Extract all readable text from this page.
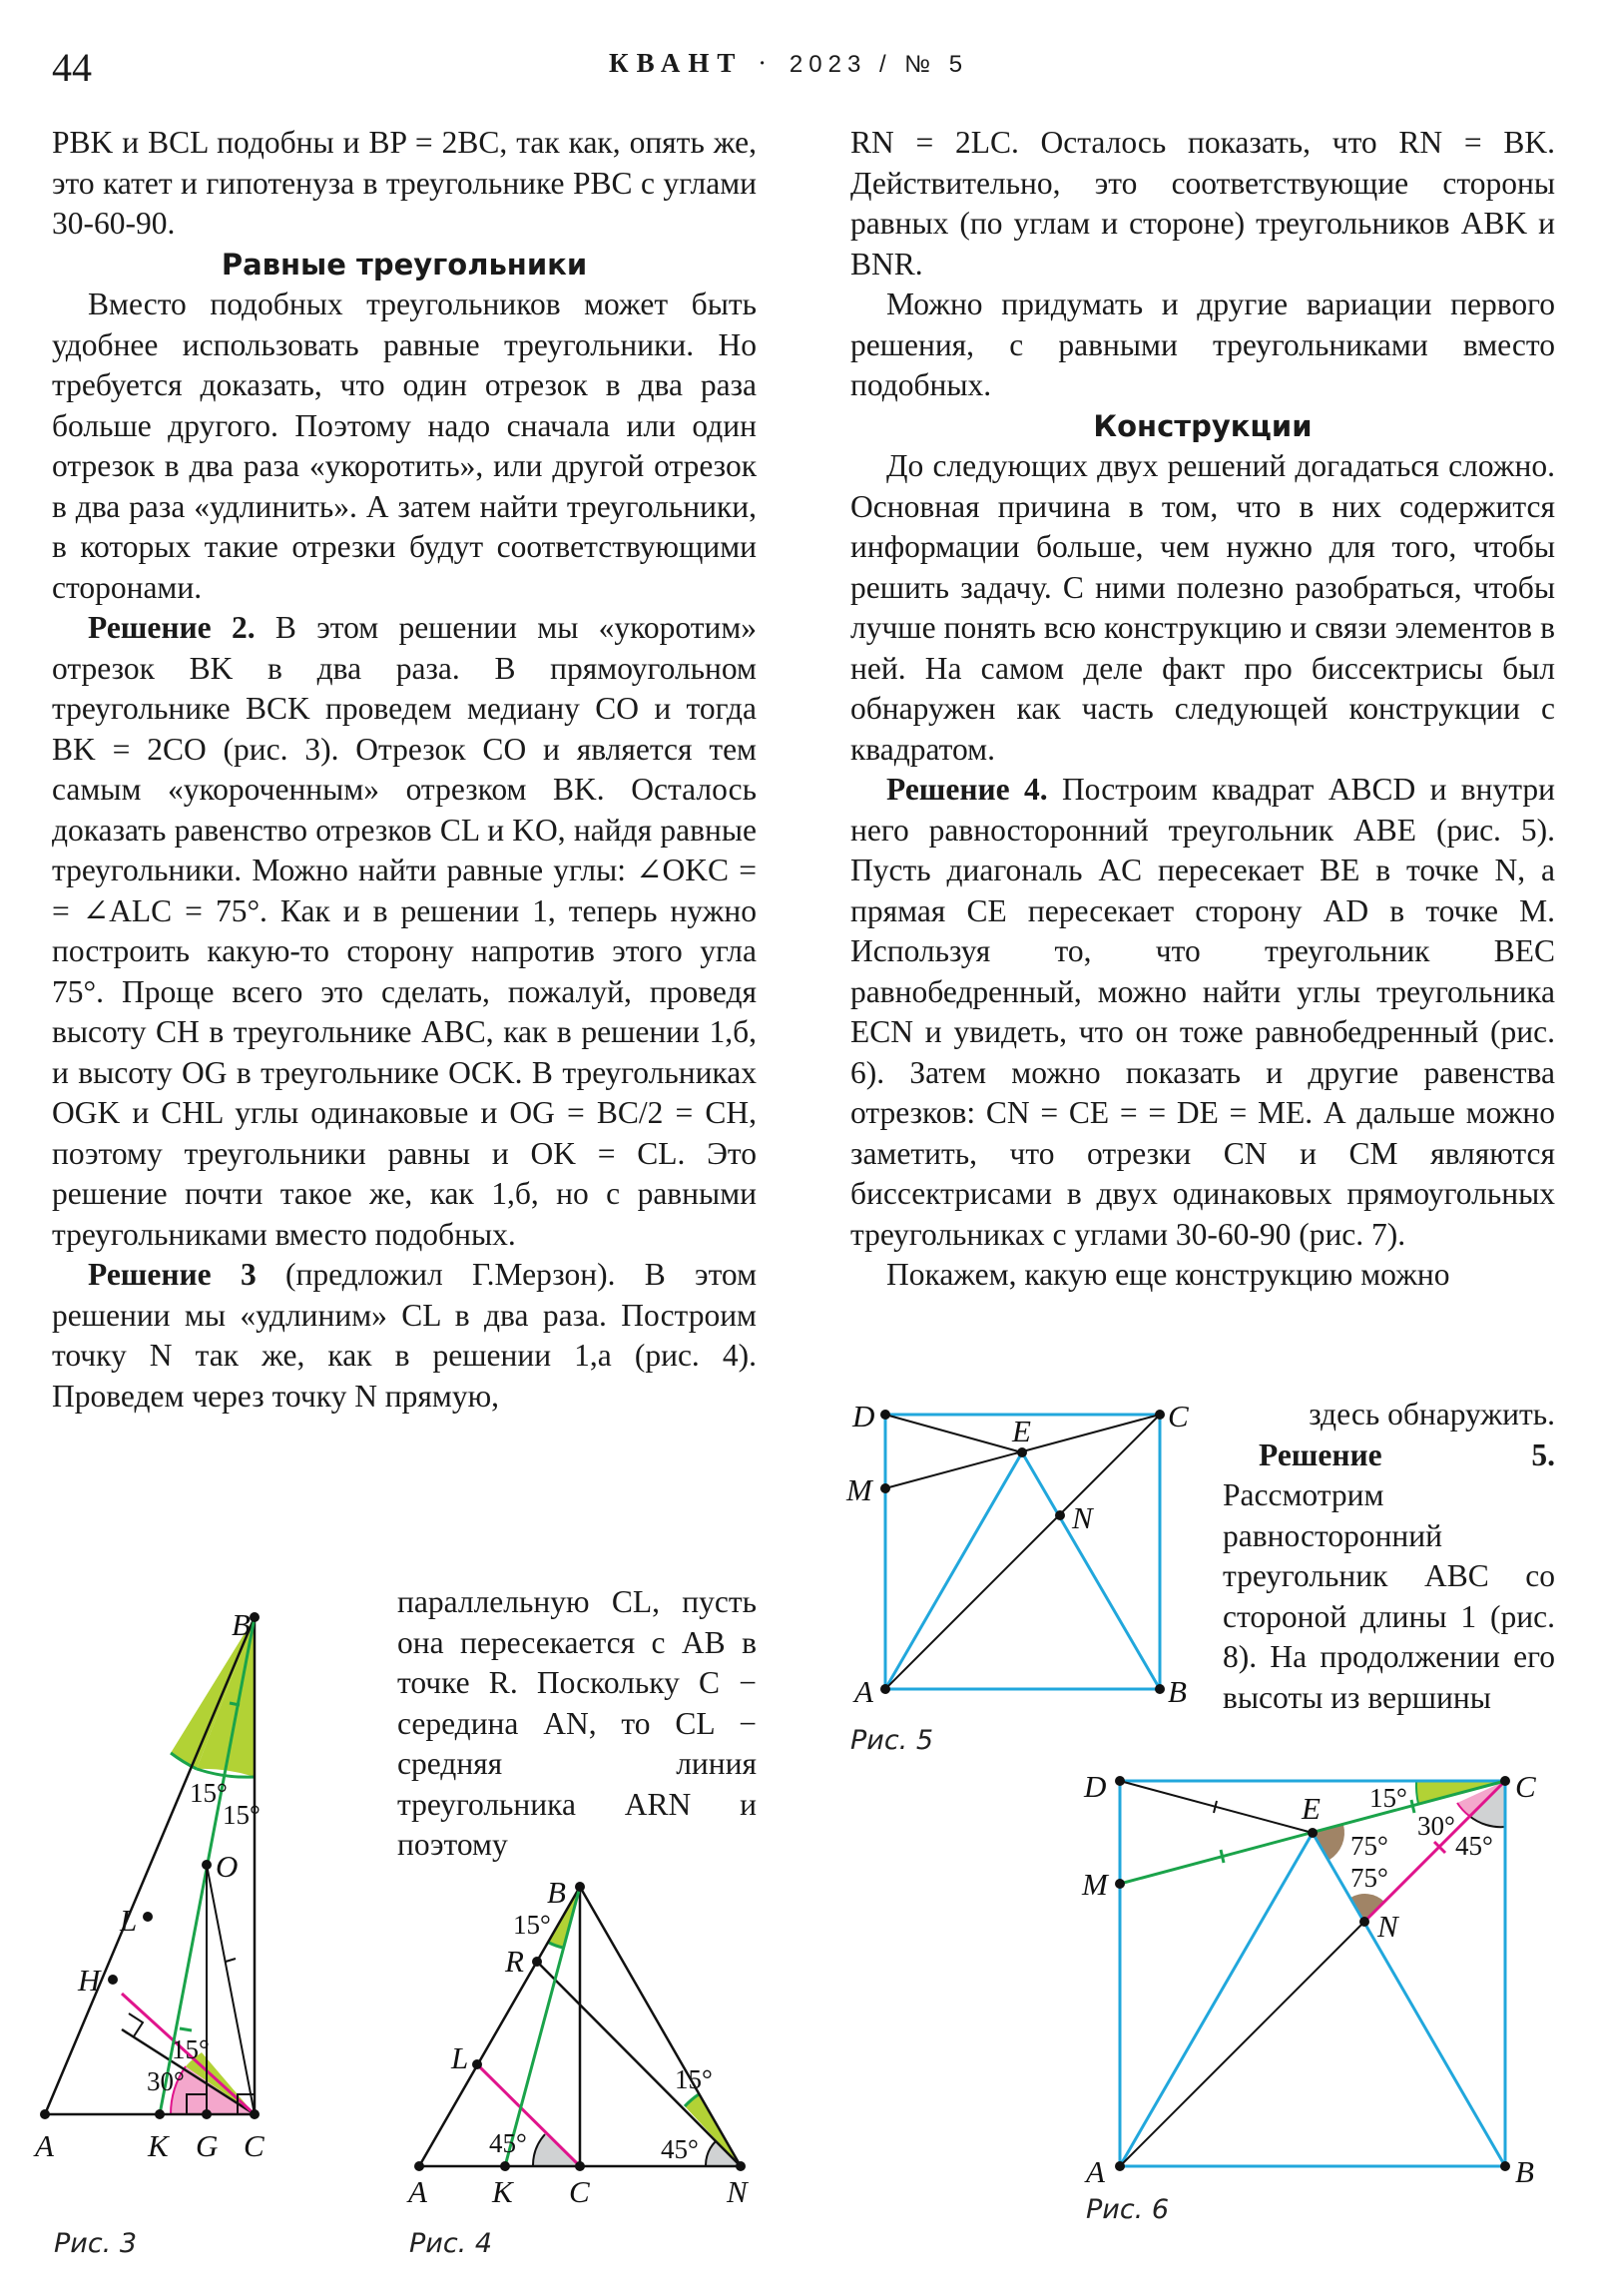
44	КВАНТ · 2023 / № 5

PBK и BCL подобны и BP = 2BC, так как, опять же, это катет и гипотенуза в треугольнике PBC с углами 30-60-90.

Равные треугольники

Вместо подобных треугольников может быть удобнее использовать равные треугольники. Но требуется доказать, что один отрезок в два раза больше другого. Поэтому надо сначала или один отрезок в два раза «укоротить», или другой отрезок в два раза «удлинить». А затем найти треугольники, в которых такие отрезки будут соответствующими сторонами.

Решение 2. В этом решении мы «укоротим» отрезок BK в два раза. В прямоугольном треугольнике BCK проведем медиану CO и тогда BK = 2CO (рис. 3). Отрезок CO и является тем самым «укороченным» отрезком BK. Осталось доказать равенство отрезков CL и KO, найдя равные треугольники. Можно найти равные углы: ∠OKC = = ∠ALC = 75°. Как и в решении 1, теперь нужно построить какую-то сторону напротив этого угла 75°. Проще всего это сделать, пожалуй, проведя высоту CH в треугольнике ABC, как в решении 1,б, и высоту OG в треугольнике OCK. В треугольниках OGK и CHL углы одинаковые и OG = BC/2 = CH, поэтому треугольники равны и OK = CL. Это решение почти такое же, как 1,б, но с равными треугольниками вместо подобных.

Решение 3 (предложил Г.Мерзон). В этом решении мы «удлиним» CL в два раза. Построим точку N так же, как в решении 1,а (рис. 4). Проведем через точку N прямую,

параллельную CL, пусть она пересекается с AB в точке R. Поскольку C − середина AN, то CL − средняя линия треугольника ARN и поэтому

RN = 2LC. Осталось показать, что RN = BK. Действительно, это соответствующие стороны равных (по углам и стороне) треугольников ABK и BNR.

Можно придумать и другие вариации первого решения, с равными треугольниками вместо подобных.

Конструкции

До следующих двух решений догадаться сложно. Основная причина в том, что в них содержится информации больше, чем нужно для того, чтобы решить задачу. С ними полезно разобраться, чтобы лучше понять всю конструкцию и связи элементов в ней. На самом деле факт про биссектрисы был обнаружен как часть следующей конструкции с квадратом.

Решение 4. Построим квадрат ABCD и внутри него равносторонний треугольник ABE (рис. 5). Пусть диагональ AC пересекает BE в точке N, а прямая CE пересекает сторону AD в точке M. Используя то, что треугольник BEC равнобедренный, можно найти углы треугольника ECN и увидеть, что он тоже равнобедренный (рис. 6). Затем можно показать и другие равенства отрезков: CN = CE = = DE = ME. А дальше можно заметить, что отрезки CN и CM являются биссектрисами в двух одинаковых прямоугольных треугольниках с углами 30-60-90 (рис. 7).

Покажем, какую еще конструкцию можно

здесь обнаружить.

Решение 5. Рассмотрим равносторонний треугольник ABC со стороной длины 1 (рис. 8). На продолжении его высоты из вершины

B
A	K G C
H
L
O
15°
15°
15°
30°
Рис. 3
B
R
L
A K C	N
15°
15°
45°	45°
Рис. 4
D	C
E
M
N
A	B
Рис. 5
D	C
E
M
N
A	B
15°
30°
45°
75°
75°
Рис. 6
